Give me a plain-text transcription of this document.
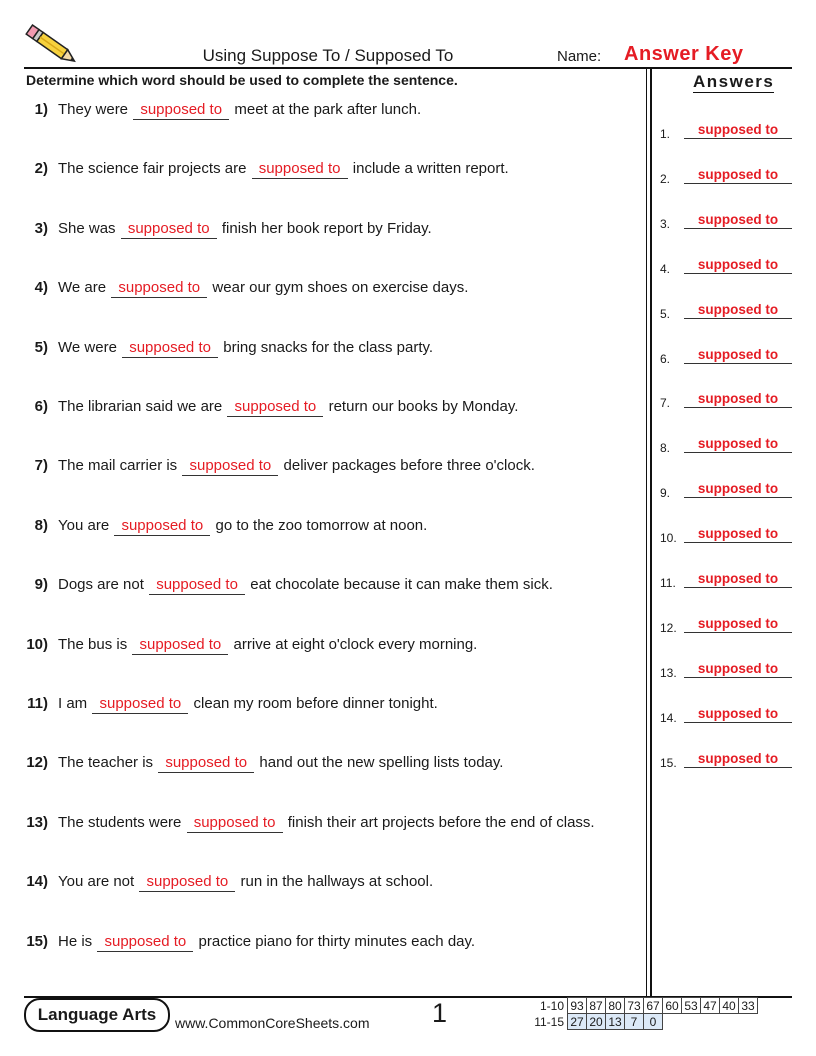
Using Suppose To / Supposed To	Name: Answer Key
Determine which word should be used to complete the sentence.
1) They were supposed to meet at the park after lunch.
2) The science fair projects are supposed to include a written report.
3) She was supposed to finish her book report by Friday.
4) We are supposed to wear our gym shoes on exercise days.
5) We were supposed to bring snacks for the class party.
6) The librarian said we are supposed to return our books by Monday.
7) The mail carrier is supposed to deliver packages before three o'clock.
8) You are supposed to go to the zoo tomorrow at noon.
9) Dogs are not supposed to eat chocolate because it can make them sick.
10) The bus is supposed to arrive at eight o'clock every morning.
11) I am supposed to clean my room before dinner tonight.
12) The teacher is supposed to hand out the new spelling lists today.
13) The students were supposed to finish their art projects before the end of class.
14) You are not supposed to run in the hallways at school.
15) He is supposed to practice piano for thirty minutes each day.
Answers
1.	supposed to
2.	supposed to
3.	supposed to
4.	supposed to
5.	supposed to
6.	supposed to
7.	supposed to
8.	supposed to
9.	supposed to
10.	supposed to
11.	supposed to
12.	supposed to
13.	supposed to
14.	supposed to
15.	supposed to
Language Arts	www.CommonCoreSheets.com 1	1-10	93	87	80	73	67	60	53	47	40	33
11-15	27	20	13	7	0					
